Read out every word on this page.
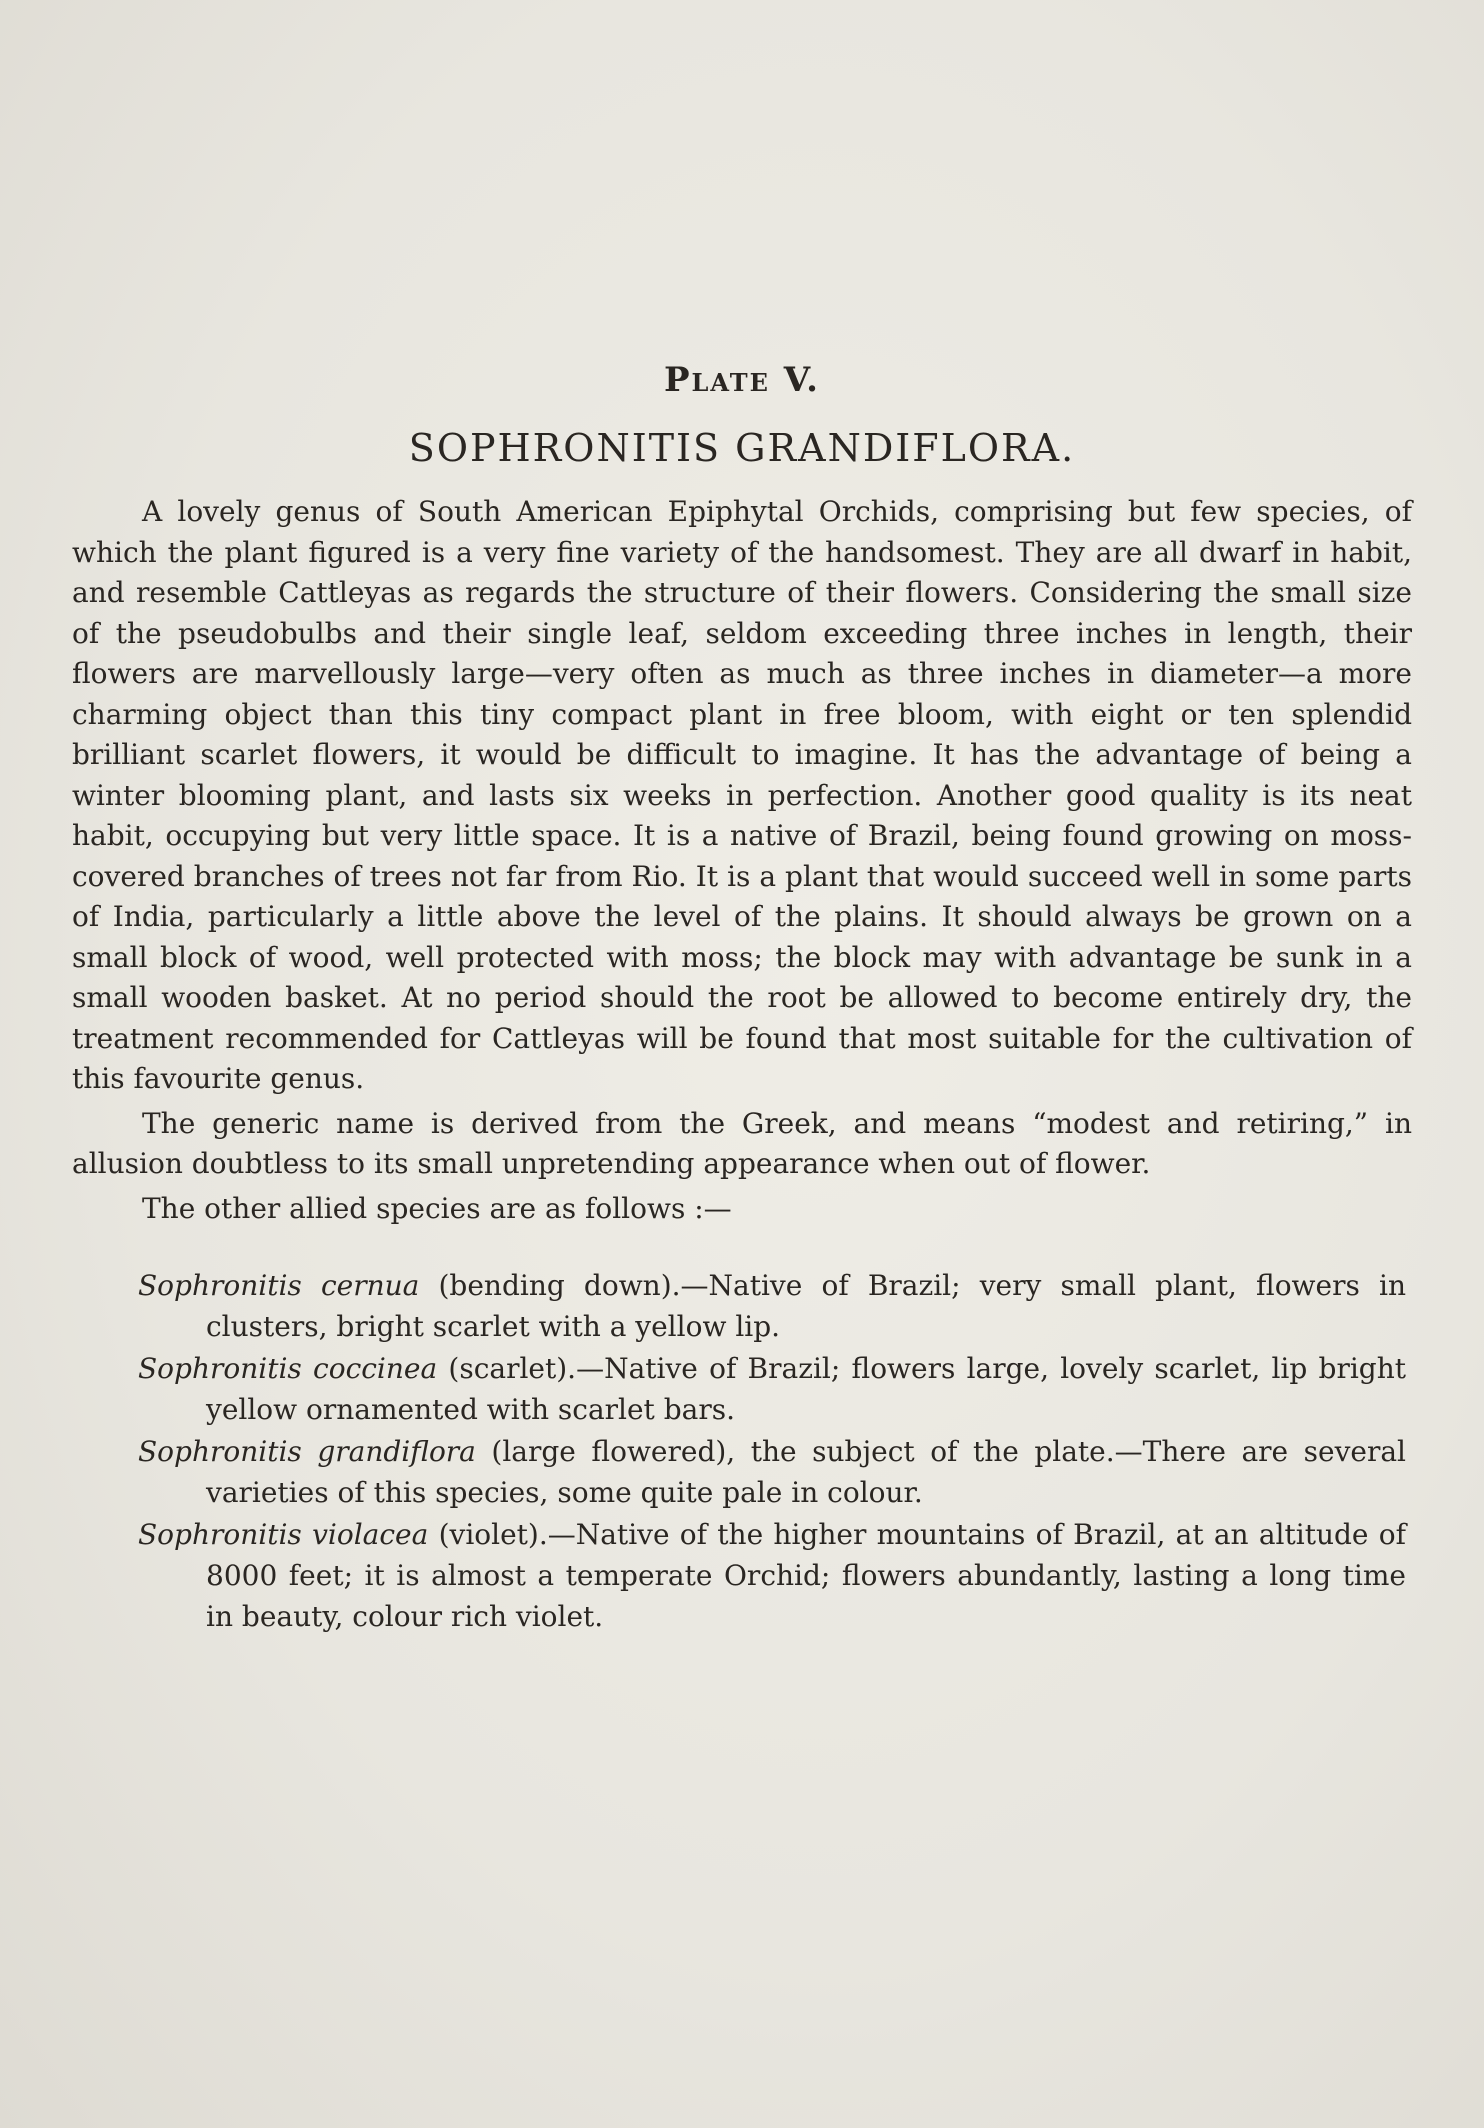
Plate V.
SOPHRONITIS GRANDIFLORA.

A lovely genus of South American Epiphytal Orchids, comprising but few species, of which the plant figured is a very fine variety of the handsomest. They are all dwarf in habit, and resemble Cattleyas as regards the structure of their flowers. Considering the small size of the pseudobulbs and their single leaf, seldom exceeding three inches in length, their flowers are marvellously large—very often as much as three inches in diameter—a more charming object than this tiny compact plant in free bloom, with eight or ten splendid brilliant scarlet flowers, it would be difficult to imagine. It has the advantage of being a winter blooming plant, and lasts six weeks in perfection. Another good quality is its neat habit, occupying but very little space. It is a native of Brazil, being found growing on moss-covered branches of trees not far from Rio. It is a plant that would succeed well in some parts of India, particularly a little above the level of the plains. It should always be grown on a small block of wood, well protected with moss; the block may with advantage be sunk in a small wooden basket. At no period should the root be allowed to become entirely dry, the treatment recommended for Cattleyas will be found that most suitable for the cultivation of this favourite genus.

The generic name is derived from the Greek, and means “modest and retiring,” in allusion doubtless to its small unpretending appearance when out of flower.

The other allied species are as follows :—

Sophronitis cernua (bending down).—Native of Brazil; very small plant, flowers in clusters, bright scarlet with a yellow lip.
Sophronitis coccinea (scarlet).—Native of Brazil; flowers large, lovely scarlet, lip bright yellow ornamented with scarlet bars.
Sophronitis grandiflora (large flowered), the subject of the plate.—There are several varieties of this species, some quite pale in colour.
Sophronitis violacea (violet).—Native of the higher mountains of Brazil, at an altitude of 8000 feet; it is almost a temperate Orchid; flowers abundantly, lasting a long time in beauty, colour rich violet.
